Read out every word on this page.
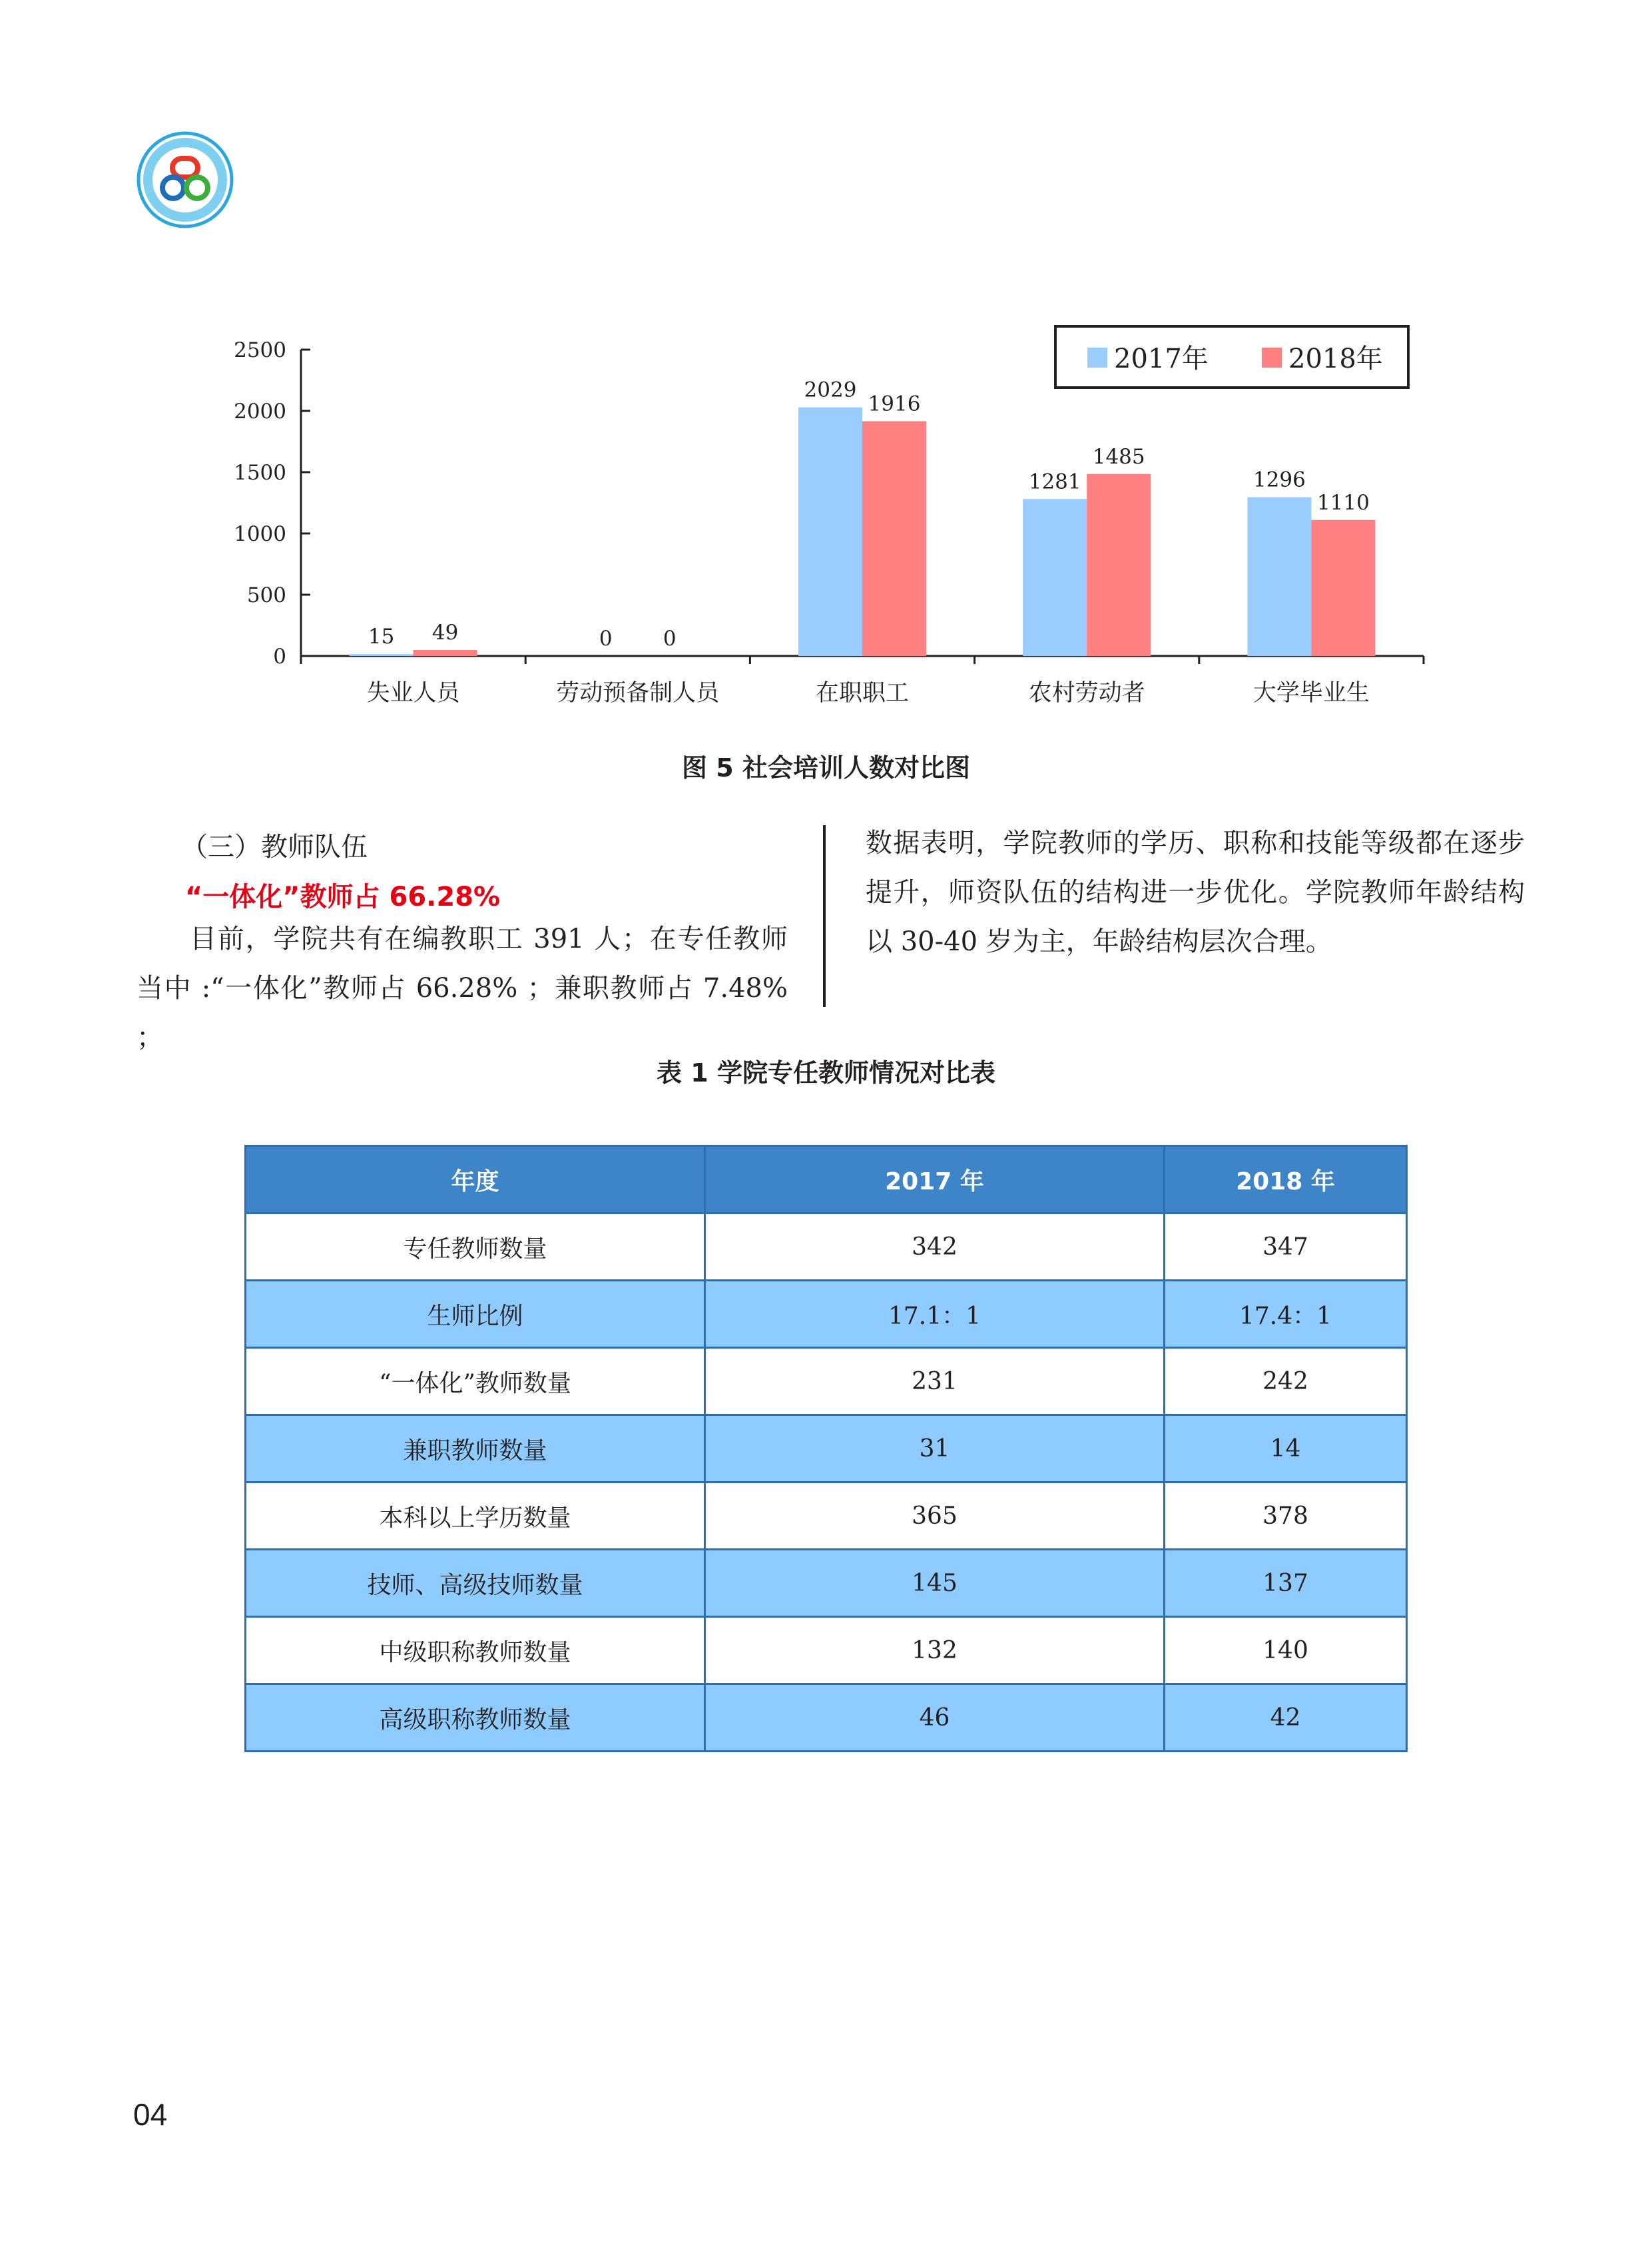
0
500
1000
1500
2000
2500
失业人员	劳动预备制人员	在职职工	农村劳动者	大学毕业生
15	0
2029
1281	1296
49	0
1916
1485
1110
2017年	2018年
图 5 社会培训人数对比图
（三）教师队伍
“一体化”教师占 66.28%
目前，学院共有在编教职工 391 人；在专任教师当中 :“一体化”教师占 66.28% ；兼职教师占 7.48% ；
数据表明，学院教师的学历、职称和技能等级都在逐步提升，师资队伍的结构进一步优化。学院教师年龄结构以 30-40 岁为主，年龄结构层次合理。
表 1 学院专任教师情况对比表
年度	2017 年	2018 年
专任教师数量	342	347
生师比例	17.1：1	17.4：1
“一体化”教师数量	231	242
兼职教师数量	31	14
本科以上学历数量	365	378
技师、高级技师数量	145	137
中级职称教师数量	132	140
高级职称教师数量	46	42
04
